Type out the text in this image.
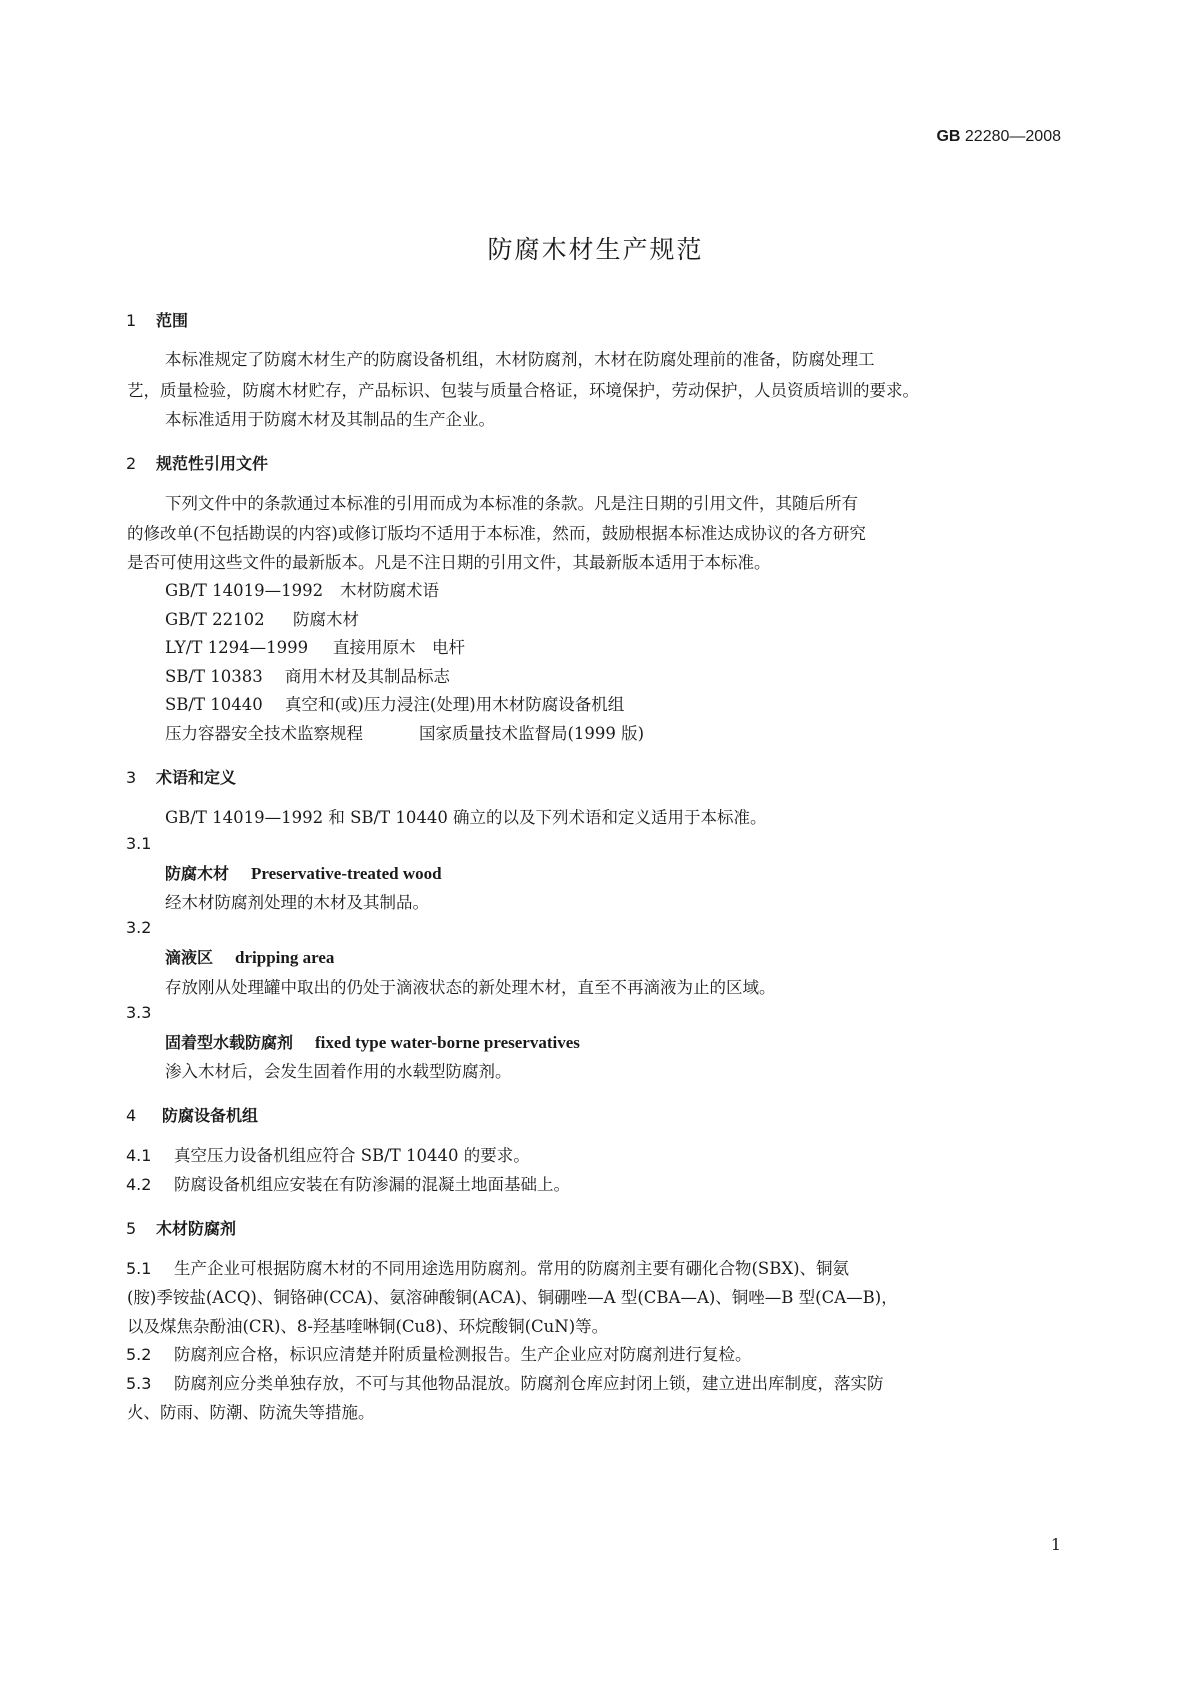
GB 22280—2008
防腐木材生产规范
1 范围
本标准规定了防腐木材生产的防腐设备机组，木材防腐剂，木材在防腐处理前的准备，防腐处理工
艺，质量检验，防腐木材贮存，产品标识、包装与质量合格证，环境保护，劳动保护，人员资质培训的要求。
本标准适用于防腐木材及其制品的生产企业。
2 规范性引用文件
下列文件中的条款通过本标准的引用而成为本标准的条款。凡是注日期的引用文件，其随后所有
的修改单(不包括勘误的内容)或修订版均不适用于本标准，然而，鼓励根据本标准达成协议的各方研究
是否可使用这些文件的最新版本。凡是不注日期的引用文件，其最新版本适用于本标准。
GB/T 14019—1992 木材防腐术语
GB/T 22102 防腐木材
LY/T 1294—1999 直接用原木　电杆
SB/T 10383 商用木材及其制品标志
SB/T 10440 真空和(或)压力浸注(处理)用木材防腐设备机组
压力容器安全技术监察规程	国家质量技术监督局(1999 版)
3 术语和定义
GB/T 14019—1992 和 SB/T 10440 确立的以及下列术语和定义适用于本标准。
3.1
防腐木材 Preservative-treated wood
经木材防腐剂处理的木材及其制品。
3.2
滴液区 dripping area
存放刚从处理罐中取出的仍处于滴液状态的新处理木材，直至不再滴液为止的区域。
3.3
固着型水载防腐剂 fixed type water-borne preservatives
渗入木材后，会发生固着作用的水载型防腐剂。
4 防腐设备机组
4.1 真空压力设备机组应符合 SB/T 10440 的要求。
4.2 防腐设备机组应安装在有防渗漏的混凝土地面基础上。
5 木材防腐剂
5.1 生产企业可根据防腐木材的不同用途选用防腐剂。常用的防腐剂主要有硼化合物(SBX)、铜氨
(胺)季铵盐(ACQ)、铜铬砷(CCA)、氨溶砷酸铜(ACA)、铜硼唑—A 型(CBA—A)、铜唑—B 型(CA—B)，
以及煤焦杂酚油(CR)、8-羟基喹啉铜(Cu8)、环烷酸铜(CuN)等。
5.2 防腐剂应合格，标识应清楚并附质量检测报告。生产企业应对防腐剂进行复检。
5.3 防腐剂应分类单独存放，不可与其他物品混放。防腐剂仓库应封闭上锁，建立进出库制度，落实防
火、防雨、防潮、防流失等措施。
1
